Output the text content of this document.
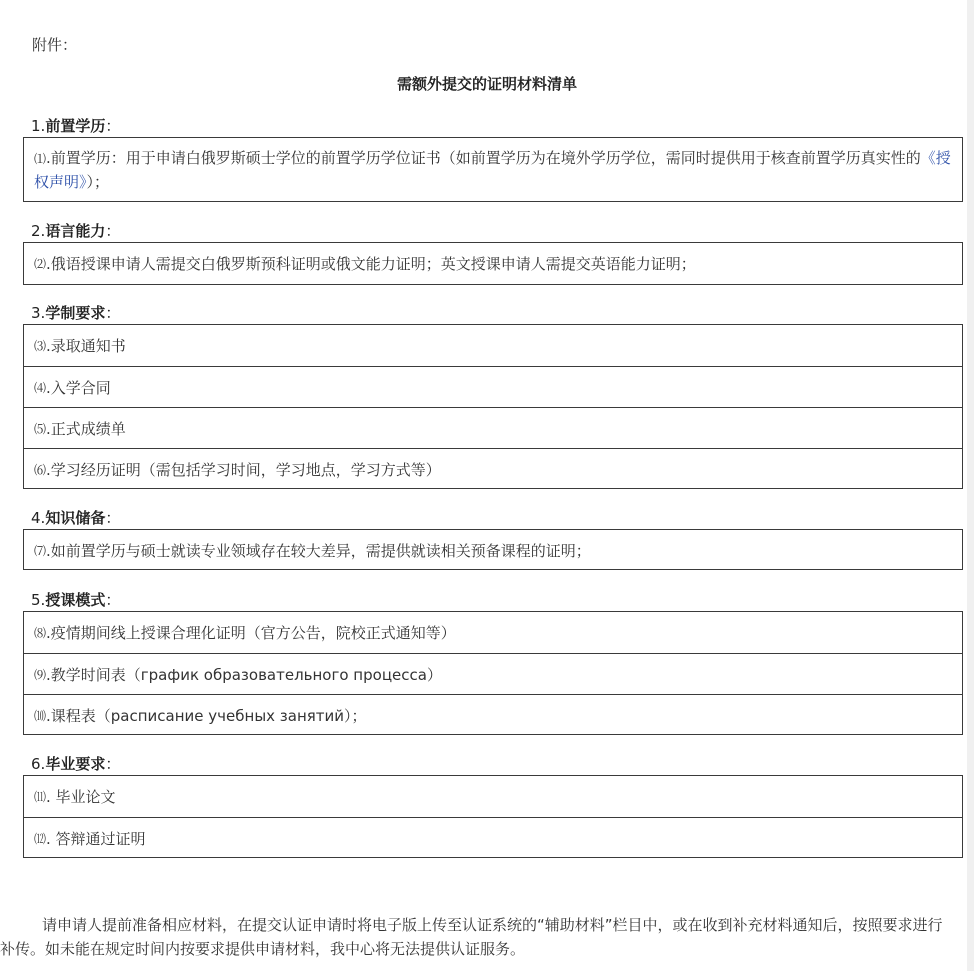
附件：
需额外提交的证明材料清单
1.前置学历：
⑴.前置学历：用于申请白俄罗斯硕士学位的前置学历学位证书（如前置学历为在境外学历学位，需同时提供用于核查前置学历真实性的《授权声明》）；
2.语言能力：
⑵ .俄语授课申请人需提交白俄罗斯预科证明或俄文能力证明；英文授课申请人需提交英语能力证明；
3.学制要求：
⑶ .录取通知书
⑷ .入学合同
⑸ .正式成绩单
⑹ .学习经历证明（需包括学习时间，学习地点，学习方式等）
4.知识储备：
⑺ .如前置学历与硕士就读专业领域存在较大差异，需提供就读相关预备课程的证明；
5.授课模式：
⑻ .疫情期间线上授课合理化证明（官方公告，院校正式通知等）
⑼ .教学时间表（график образовательного процесса）
⑽ .课程表（расписание учебных занятий）；
6.毕业要求：
⑾ . 毕业论文
⑿ . 答辩通过证明
请申请人提前准备相应材料，在提交认证申请时将电子版上传至认证系统的“辅助材料”栏目中，或在收到补充材料通知后，按照要求进行补传。如未能在规定时间内按要求提供申请材料，我中心将无法提供认证服务。
